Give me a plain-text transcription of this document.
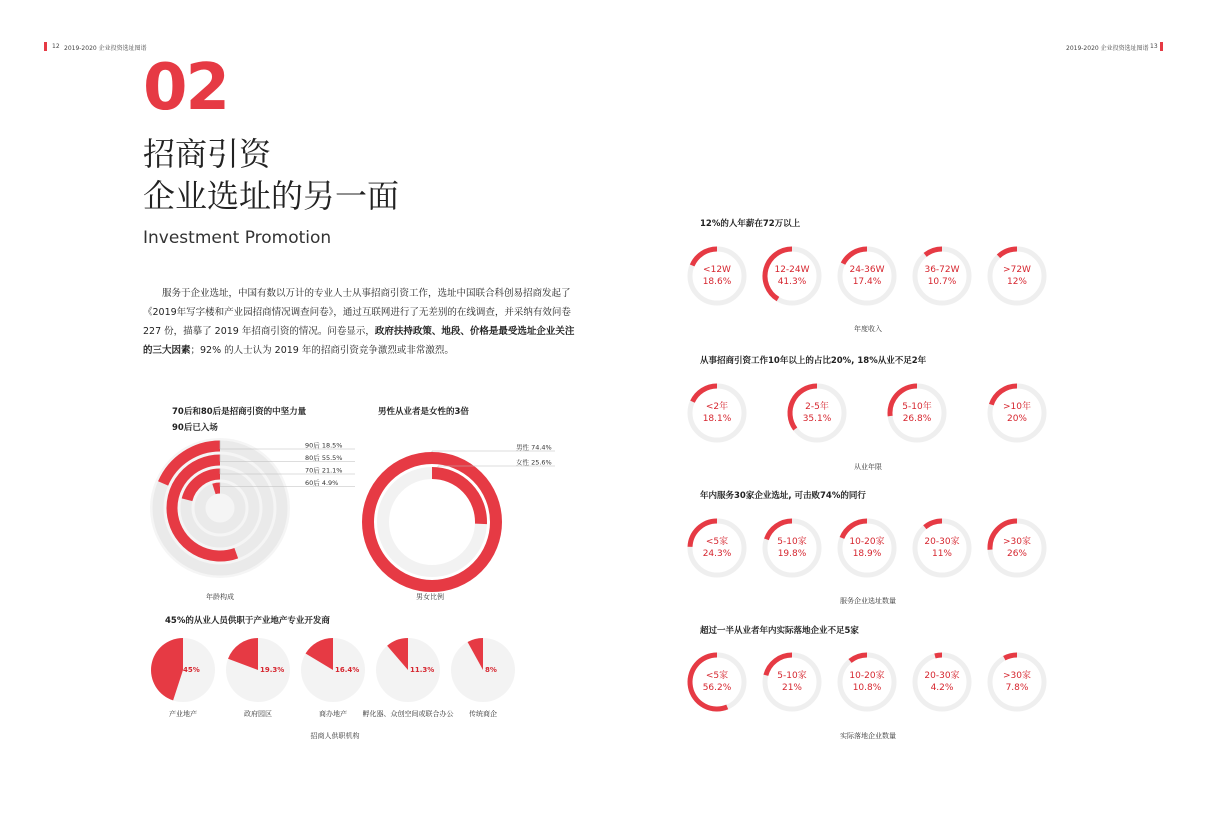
12 2019-2020 企业投资选址图谱	2019-2020 企业投资选址图谱 13
02
招商引资
企业选址的另一面
Investment Promotion
  服务于企业选址，中国有数以万计的专业人士从事招商引资工作，选址中国联合科创易招商发起了《2019年写字楼和产业园招商情况调查问卷》，通过互联网进行了无差别的在线调查，并采纳有效问卷 227 份，描摹了 2019 年招商引资的情况。问卷显示，政府扶持政策、地段、价格是最受选址企业关注的三大因素；92% 的人士认为 2019 年的招商引资竞争激烈或非常激烈。
70后和80后是招商引资的中坚力量
90后已入场
90后 18.5%
80后 55.5%
70后 21.1%
60后 4.9%
男性 74.4%
女性 25.6%
年龄构成
男性从业者是女性的3倍
男女比例
45%的从业人员供职于产业地产专业开发商
45%
产业地产
19.3%
政府园区
16.4%
商办地产
11.3%
孵化器、众创空间或联合办公
8%
传统商企
招商人供职机构
12%的人年薪在72万以上
年度收入
从事招商引资工作10年以上的占比20%, 18%从业不足2年
从业年限
年内服务30家企业选址, 可击败74%的同行
服务企业选址数量
超过一半从业者年内实际落地企业不足5家
实际落地企业数量
<12W
18.6%
12-24W
41.3%
24-36W
17.4%
36-72W
10.7%
>72W
12%
<2年
18.1%
2-5年
35.1%
5-10年
26.8%
>10年
20%
<5家
24.3%
5-10家
19.8%
10-20家
18.9%
20-30家
11%
>30家
26%
<5家
56.2%
5-10家
21%
10-20家
10.8%
20-30家
4.2%
>30家
7.8%
